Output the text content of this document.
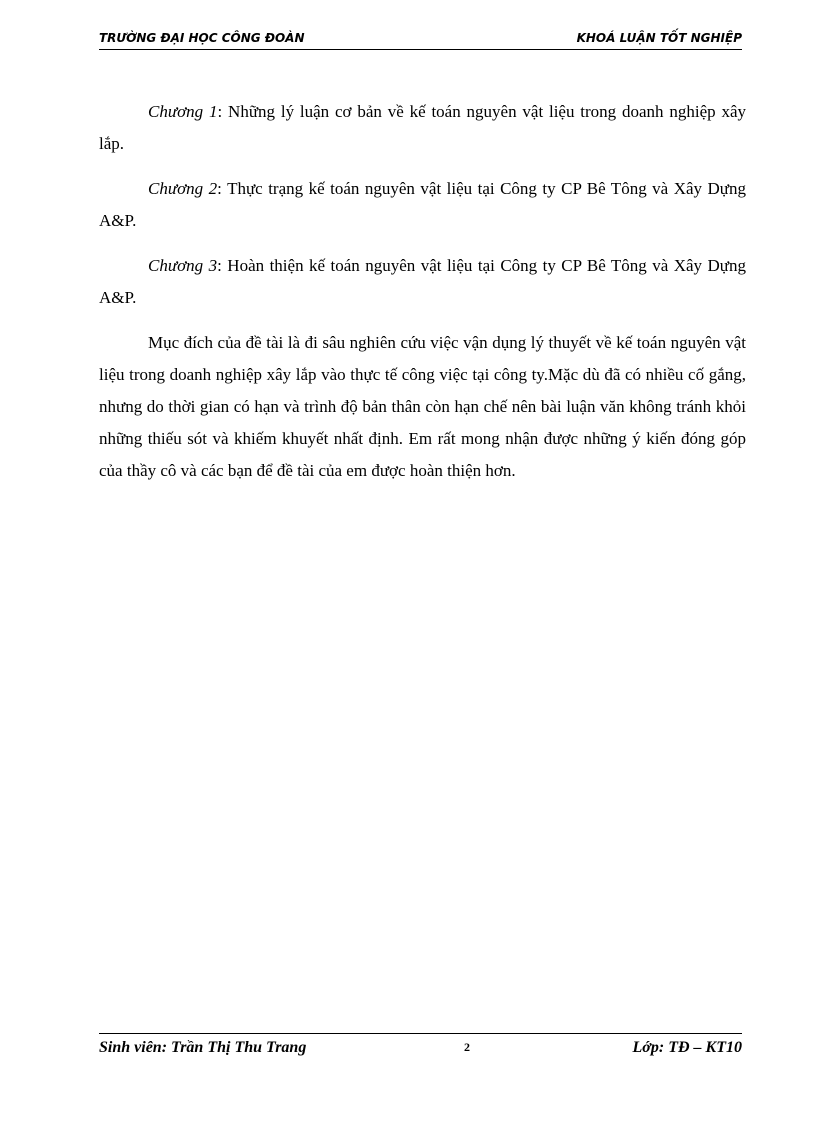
TRƯỜNG ĐẠI HỌC CÔNG ĐOÀN	KHOÁ LUẬN TỐT NGHIỆP

Chương 1: Những lý luận cơ bản về kế toán nguyên vật liệu trong doanh nghiệp xây lắp.

Chương 2: Thực trạng kế toán nguyên vật liệu tại Công ty CP Bê Tông và Xây Dựng A&P.

Chương 3: Hoàn thiện kế toán nguyên vật liệu tại Công ty CP Bê Tông và Xây Dựng A&P.

Mục đích của đề tài là đi sâu nghiên cứu việc vận dụng lý thuyết về kế toán nguyên vật liệu trong doanh nghiệp xây lắp vào thực tế công việc tại công ty.Mặc dù đã có nhiều cố gắng, nhưng do thời gian có hạn và trình độ bản thân còn hạn chế nên bài luận văn không tránh khỏi những thiếu sót và khiếm khuyết nhất định. Em rất mong nhận được những ý kiến đóng góp của thầy cô và các bạn để đề tài của em được hoàn thiện hơn.

Sinh viên: Trần Thị Thu Trang	2	Lớp: TĐ – KT10
